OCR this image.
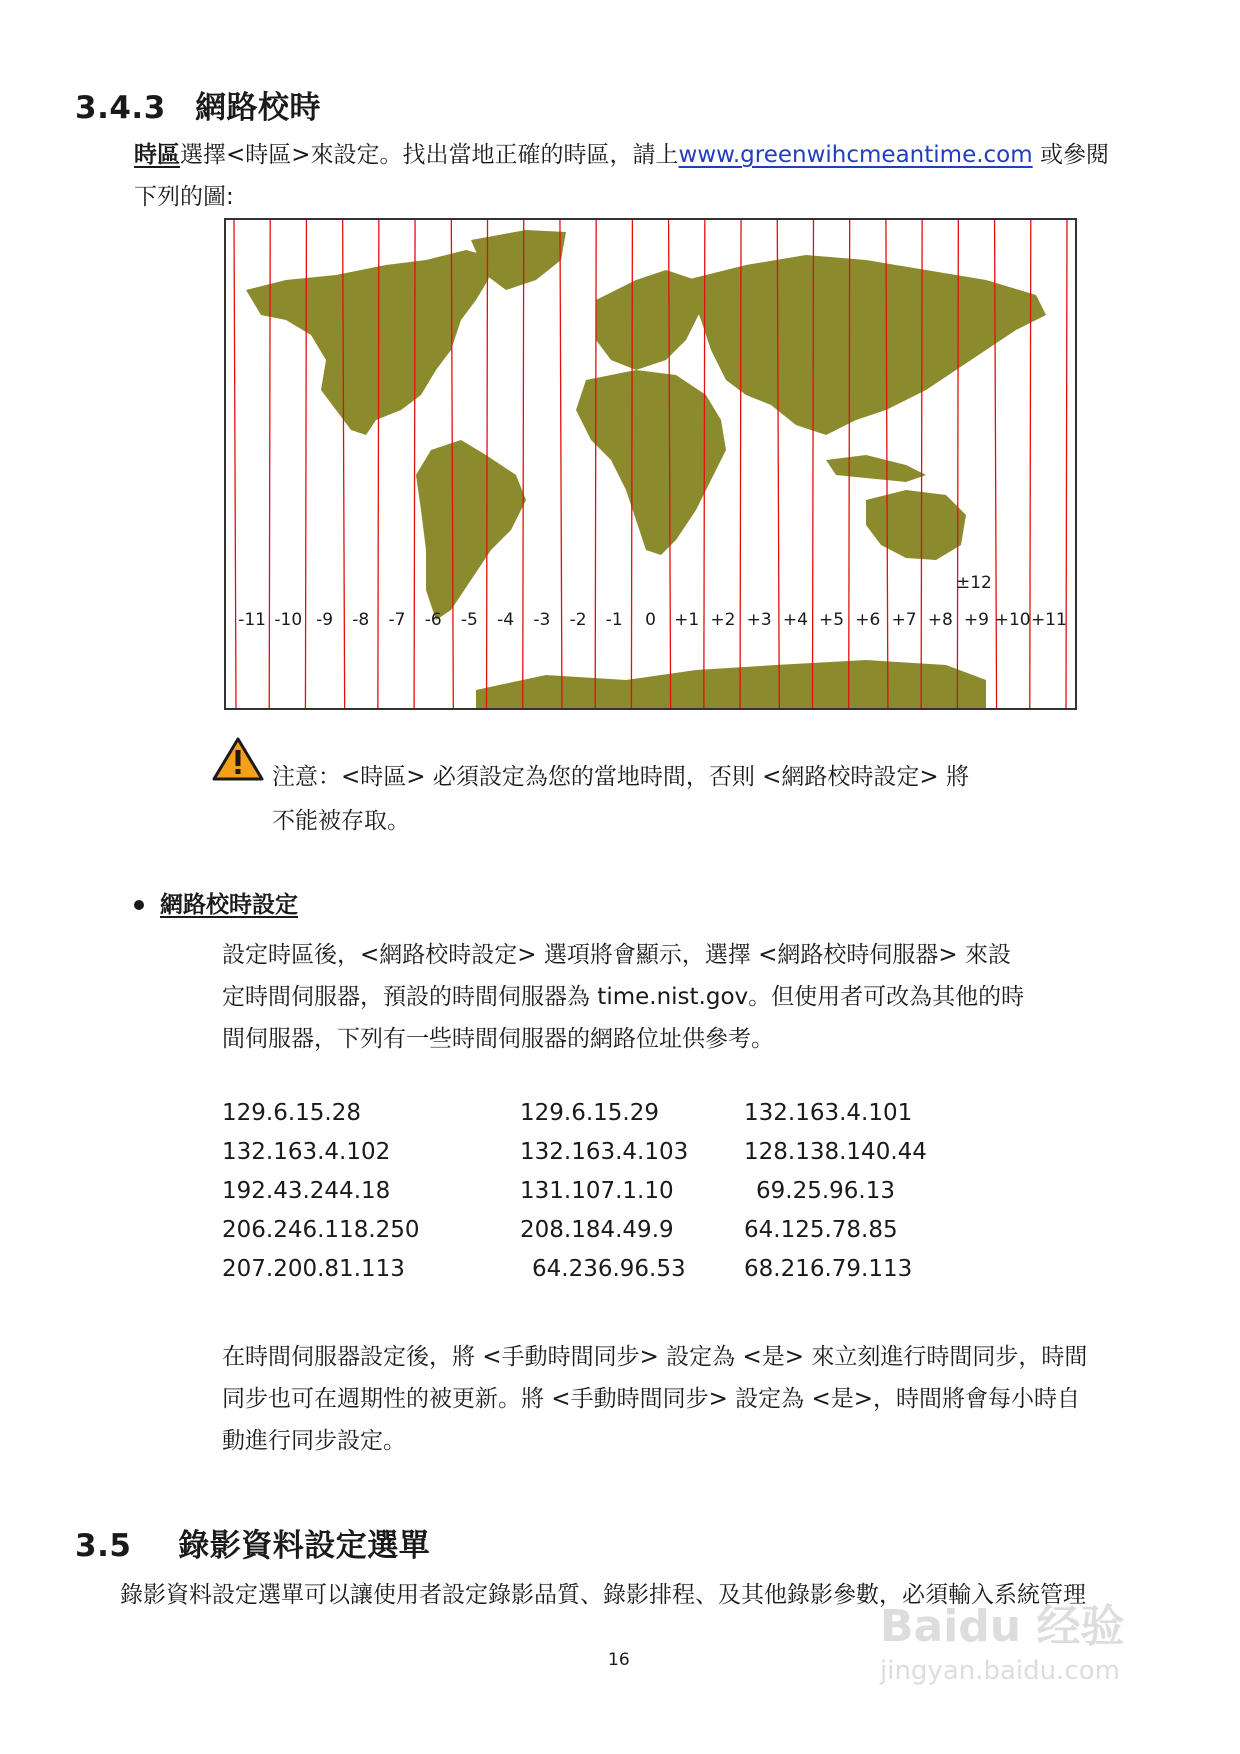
3.4.3 網路校時
時區選擇<時區>來設定。找出當地正確的時區，請上www.greenwihcmeantime.com 或參閱
下列的圖:
-11 -10 -9 -8 -7 -6 -5 -4 -3 -2 -1 0 +1 +2 +3 +4 +5 +6 +7 +8 +9 +10 +11
±12
注意：<時區> 必須設定為您的當地時間，否則 <網路校時設定> 將
不能被存取。
網路校時設定
設定時區後，<網路校時設定> 選項將會顯示，選擇 <網路校時伺服器> 來設
定時間伺服器，預設的時間伺服器為 time.nist.gov。但使用者可改為其他的時
間伺服器，下列有一些時間伺服器的網路位址供參考。
129.6.15.28	129.6.15.29	132.163.4.101
132.163.4.102	132.163.4.103 128.138.140.44
192.43.244.18	131.107.1.10	69.25.96.13
206.246.118.250	208.184.49.9	64.125.78.85
207.200.81.113	64.236.96.53	68.216.79.113
在時間伺服器設定後，將 <手動時間同步> 設定為 <是> 來立刻進行時間同步，時間
同步也可在週期性的被更新。將 <手動時間同步> 設定為 <是>，時間將會每小時自
動進行同步設定。
3.5 錄影資料設定選單
錄影資料設定選單可以讓使用者設定錄影品質、錄影排程、及其他錄影參數，必須輸入系統管理
16
Baidu 经验
jingyan.baidu.com
